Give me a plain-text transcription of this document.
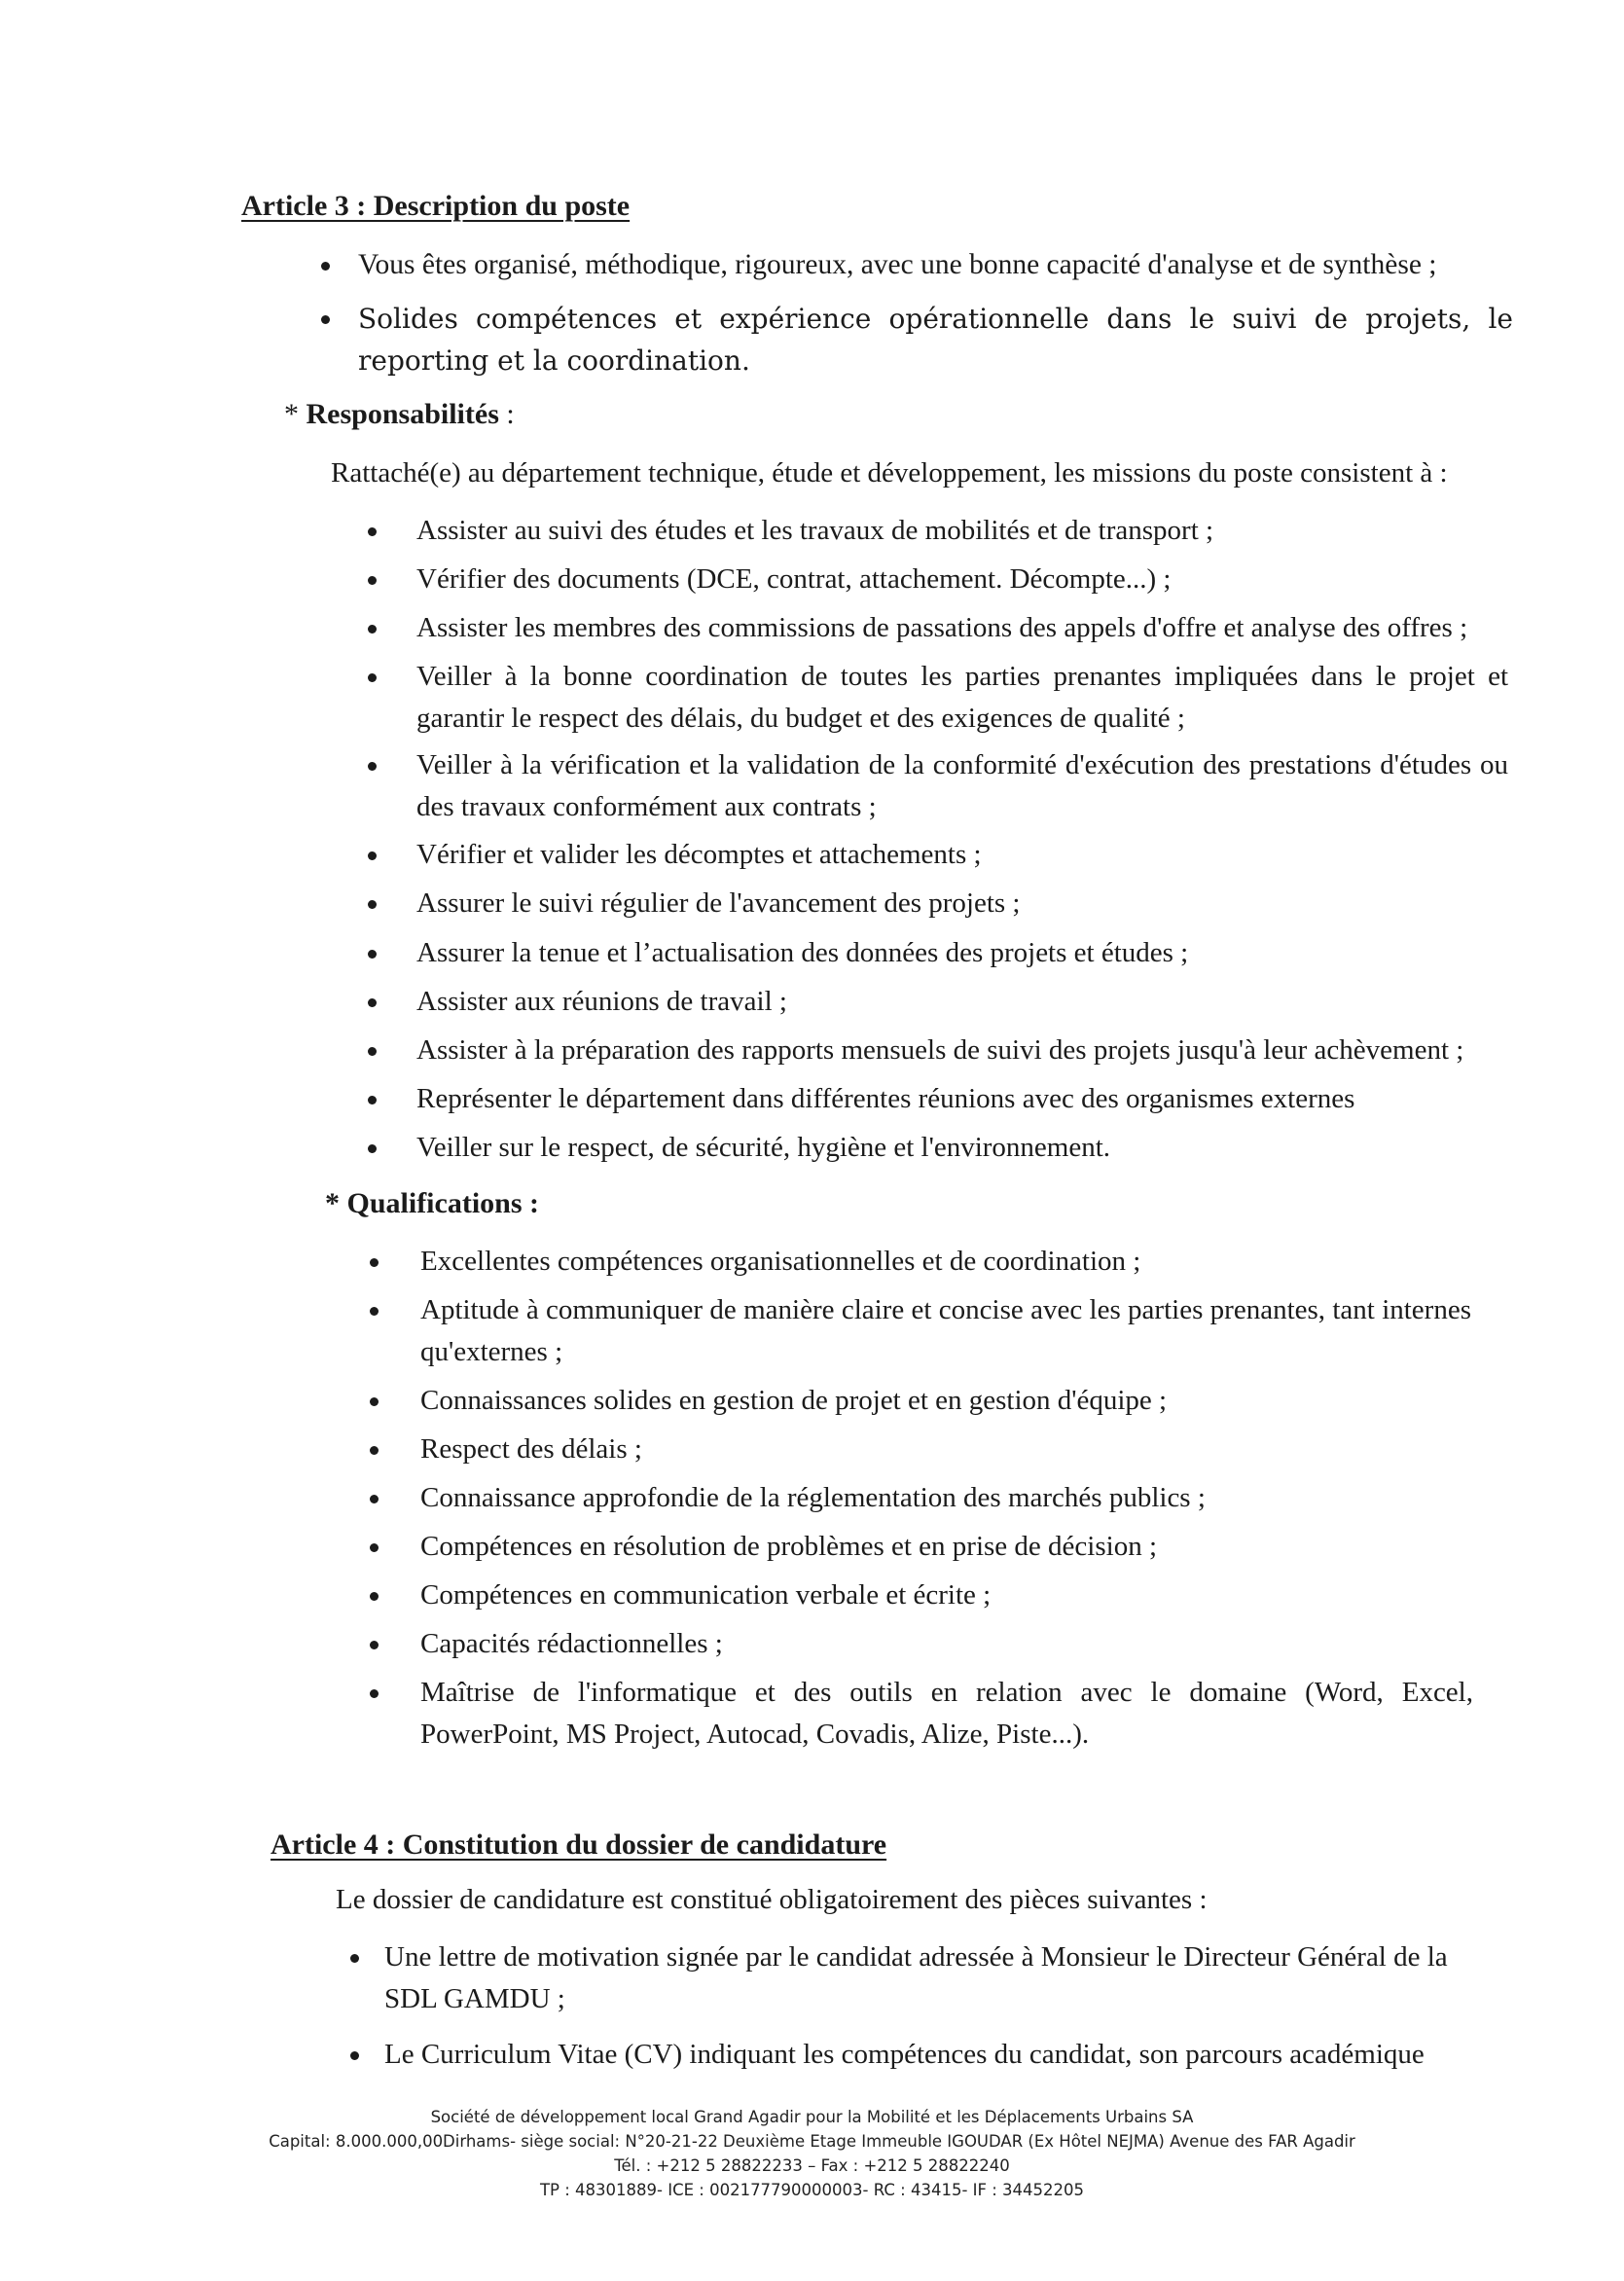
Article 3 : Description du poste
Vous êtes organisé, méthodique, rigoureux, avec une bonne capacité d'analyse et de synthèse ;
Solides compétences et expérience opérationnelle dans le suivi de projets, le reporting et la coordination.
* Responsabilités :
Rattaché(e) au département technique, étude et développement, les missions du poste consistent à :
Assister au suivi des études et les travaux de mobilités et de transport ;
Vérifier des documents (DCE, contrat, attachement. Décompte...) ;
Assister les membres des commissions de passations des appels d'offre et analyse des offres ;
Veiller à la bonne coordination de toutes les parties prenantes impliquées dans le projet et garantir le respect des délais, du budget et des exigences de qualité ;
Veiller à la vérification et la validation de la conformité d'exécution des prestations d'études ou des travaux conformément aux contrats ;
Vérifier et valider les décomptes et attachements ;
Assurer le suivi régulier de l'avancement des projets ;
Assurer la tenue et l’actualisation des données des projets et études ;
Assister aux réunions de travail ;
Assister à la préparation des rapports mensuels de suivi des projets jusqu'à leur achèvement ;
Représenter le département dans différentes réunions avec des organismes externes
Veiller sur le respect, de sécurité, hygiène et l'environnement.
* Qualifications :
Excellentes compétences organisationnelles et de coordination ;
Aptitude à communiquer de manière claire et concise avec les parties prenantes, tant internes qu'externes ;
Connaissances solides en gestion de projet et en gestion d'équipe ;
Respect des délais ;
Connaissance approfondie de la réglementation des marchés publics ;
Compétences en résolution de problèmes et en prise de décision ;
Compétences en communication verbale et écrite ;
Capacités rédactionnelles ;
Maîtrise de l'informatique et des outils en relation avec le domaine (Word, Excel, PowerPoint, MS Project, Autocad, Covadis, Alize, Piste...).
Article 4 : Constitution du dossier de candidature
Le dossier de candidature est constitué obligatoirement des pièces suivantes :
Une lettre de motivation signée par le candidat adressée à Monsieur le Directeur Général de la SDL GAMDU ;
Le Curriculum Vitae (CV) indiquant les compétences du candidat, son parcours académique
Société de développement local Grand Agadir pour la Mobilité et les Déplacements Urbains SA
Capital: 8.000.000,00Dirhams- siège social: N°20-21-22 Deuxième Etage Immeuble IGOUDAR (Ex Hôtel NEJMA) Avenue des FAR Agadir
Tél. : +212 5 28822233 – Fax : +212 5 28822240
TP : 48301889- ICE : 002177790000003- RC : 43415- IF : 34452205
